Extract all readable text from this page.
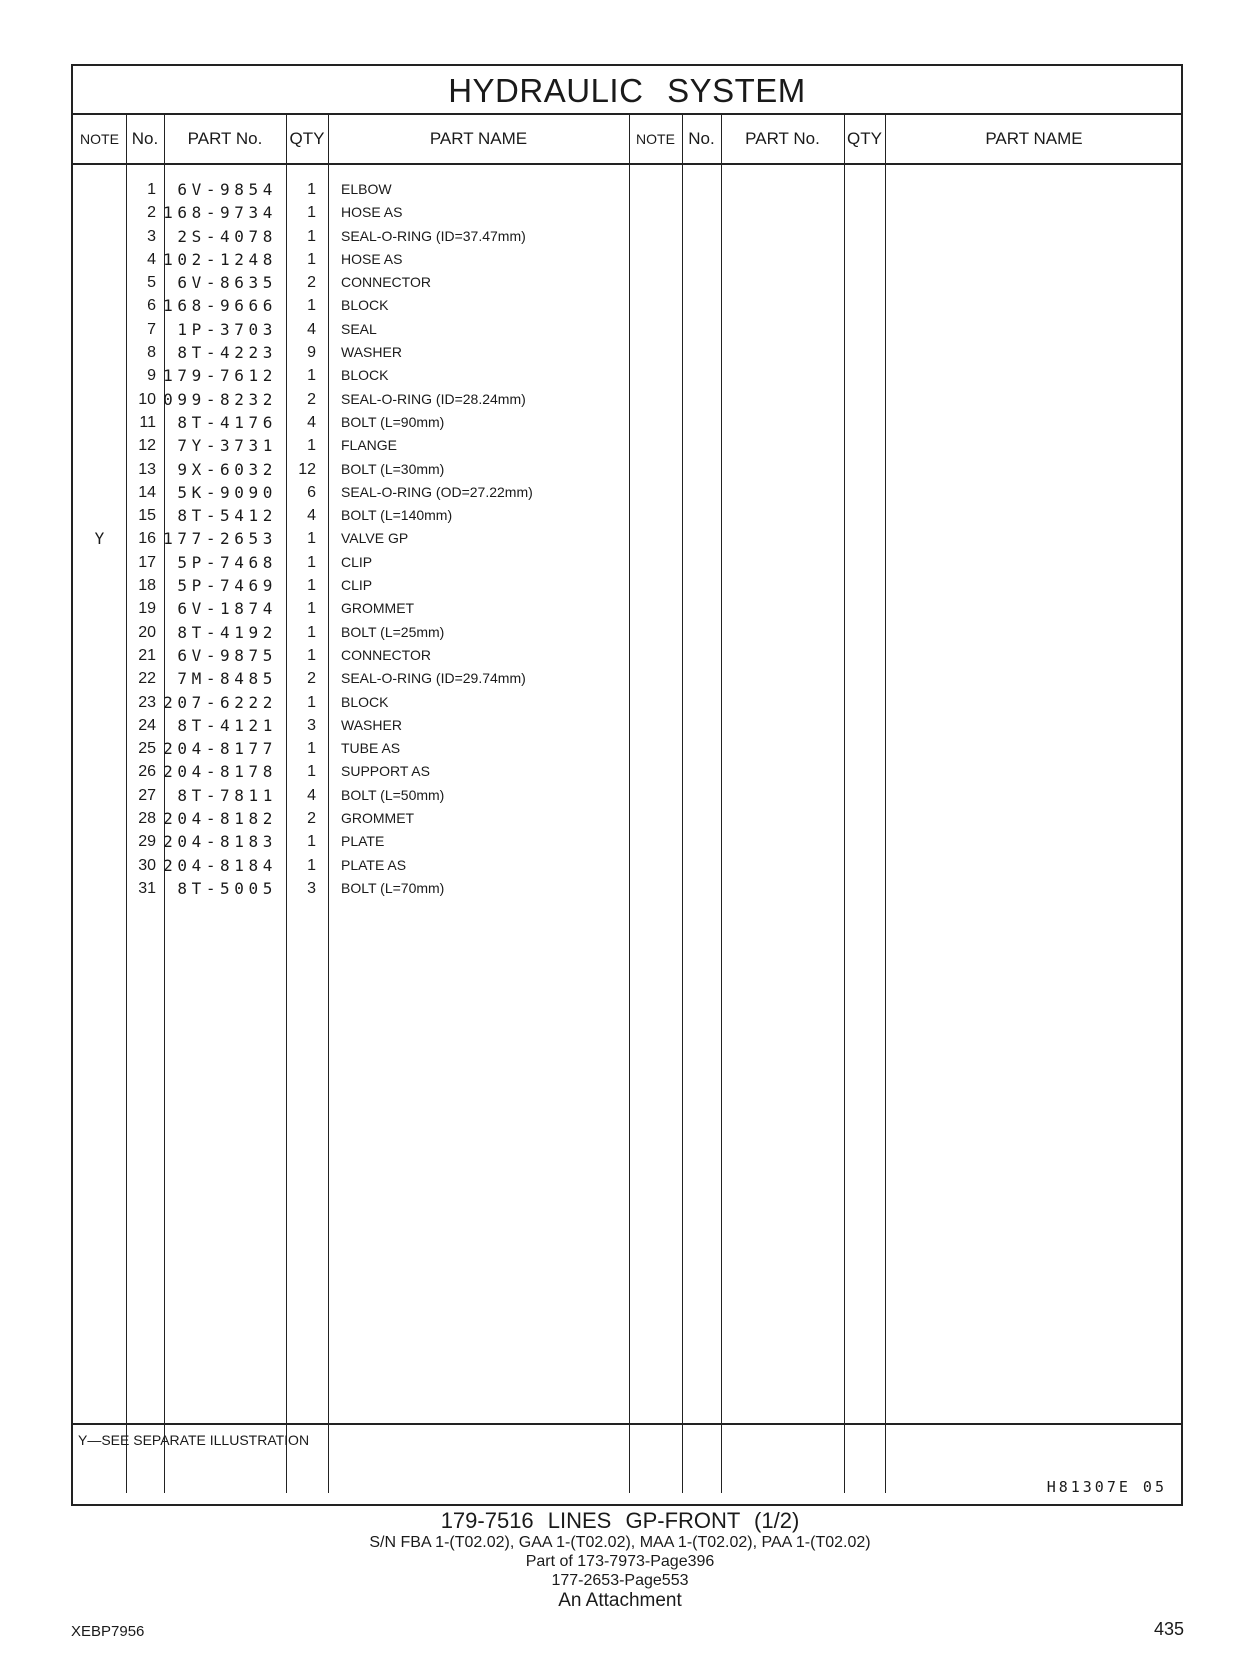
HYDRAULIC SYSTEM
NOTE No.	PART No.	QTY	PART NAME	NOTE No.	PART No.	QTY	PART NAME
1	6V-9854	1 ELBOW
2 168-9734	1 HOSE AS
3	2S-4078	1 SEAL-O-RING (ID=37.47mm)
4 102-1248	1 HOSE AS
5	6V-8635	2 CONNECTOR
6 168-9666	1 BLOCK
7	1P-3703	4 SEAL
8	8T-4223	9 WASHER
9 179-7612	1 BLOCK
10 099-8232	2 SEAL-O-RING (ID=28.24mm)
11	8T-4176	4 BOLT (L=90mm)
12	7Y-3731	1 FLANGE
13	9X-6032	12 BOLT (L=30mm)
14	5K-9090	6 SEAL-O-RING (OD=27.22mm)
15	8T-5412	4 BOLT (L=140mm)
Y	16 177-2653	1 VALVE GP
17	5P-7468	1 CLIP
18	5P-7469	1 CLIP
19	6V-1874	1 GROMMET
20	8T-4192	1 BOLT (L=25mm)
21	6V-9875	1 CONNECTOR
22	7M-8485	2 SEAL-O-RING (ID=29.74mm)
23 207-6222	1 BLOCK
24	8T-4121	3 WASHER
25 204-8177	1 TUBE AS
26 204-8178	1 SUPPORT AS
27	8T-7811	4 BOLT (L=50mm)
28 204-8182	2 GROMMET
29 204-8183	1 PLATE
30 204-8184	1 PLATE AS
31	8T-5005	3 BOLT (L=70mm)
Y—SEE SEPARATE ILLUSTRATION
H81307E 05
179-7516 LINES GP-FRONT (1/2)
S/N FBA 1-(T02.02), GAA 1-(T02.02), MAA 1-(T02.02), PAA 1-(T02.02)
Part of 173-7973-Page396
177-2653-Page553
An Attachment
XEBP7956	435
